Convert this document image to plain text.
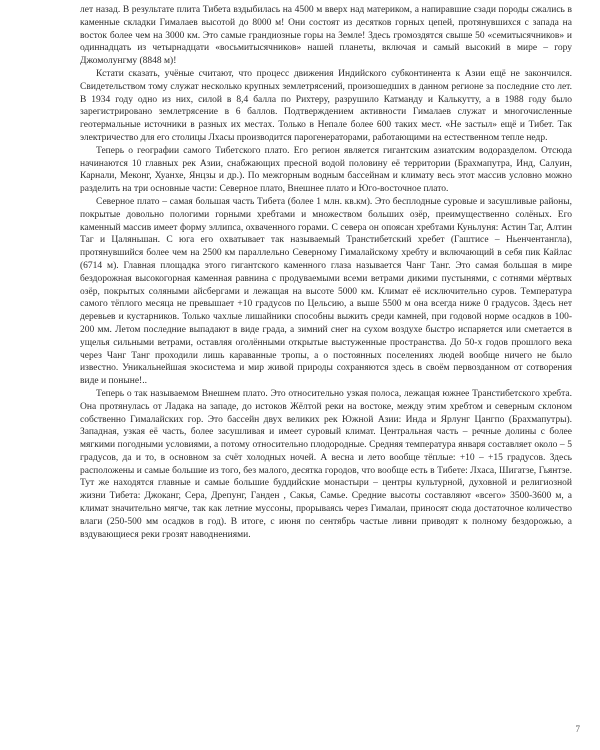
лет назад. В результате плита Тибета вздыбилась на 4500 м вверх над материком, а напиравшие сзади породы сжались в каменные складки Гималаев высотой до 8000 м! Они состоят из десятков горных цепей, протянувшихся с запада на восток более чем на 3000 км. Это самые грандиозные горы на Земле! Здесь громоздятся свыше 50 «семитысячников» и одиннадцать из четырнадцати «восьмитысячников» нашей планеты, включая и самый высокий в мире – гору Джомолунгму (8848 м)!

Кстати сказать, учёные считают, что процесс движения Индийского субконтинента к Азии ещё не закончился. Свидетельством тому служат несколько крупных землетрясений, произошедших в данном регионе за последние сто лет. В 1934 году одно из них, силой в 8,4 балла по Рихтеру, разрушило Катманду и Калькутту, а в 1988 году было зарегистрировано землетрясение в 6 баллов. Подтверждением активности Гималаев служат и многочисленные геотермальные источники в разных их местах. Только в Непале более 600 таких мест. «Не застыл» ещё и Тибет. Так электричество для его столицы Лхасы производится парогенераторами, работающими на естественном тепле недр.

Теперь о географии самого Тибетского плато. Его регион является гигантским азиатским водоразделом. Отсюда начинаются 10 главных рек Азии, снабжающих пресной водой половину её территории (Брахмапутра, Инд, Салуин, Карнали, Меконг, Хуанхе, Янцзы и др.). По межгорным водным бассейнам и климату весь этот массив условно можно разделить на три основные части: Северное плато, Внешнее плато и Юго-восточное плато.

Северное плато – самая большая часть Тибета (более 1 млн. кв.км). Это бесплодные суровые и засушливые районы, покрытые довольно пологими горными хребтами и множеством больших озёр, преимущественно солёных. Его каменный массив имеет форму эллипса, охваченного горами. С севера он опоясан хребтами Куньлуня: Астин Таг, Алтин Таг и Цаляньшан. С юга его охватывает так называемый Транстибетский хребет (Гаштисе – Ньенчентангла), протянувшийся более чем на 2500 км параллельно Северному Гималайскому хребту и включающий в себя пик Кайлас (6714 м). Главная площадка этого гигантского каменного глаза называется Чанг Танг. Это самая большая в мире бездорожная высокогорная каменная равнина с продуваемыми всеми ветрами дикими пустынями, с сотнями мёртвых озёр, покрытых соляными айсбергами и лежащая на высоте 5000 км. Климат её исключительно суров. Температура самого тёплого месяца не превышает +10 градусов по Цельсию, а выше 5500 м она всегда ниже 0 градусов. Здесь нет деревьев и кустарников. Только чахлые лишайники способны выжить среди камней, при годовой норме осадков в 100-200 мм. Летом последние выпадают в виде града, а зимний снег на сухом воздухе быстро испаряется или сметается в ущелья сильными ветрами, оставляя оголёнными открытые выстуженные пространства. До 50-х годов прошлого века через Чанг Танг проходили лишь караванные тропы, а о постоянных поселениях людей вообще ничего не было известно. Уникальнейшая экосистема и мир живой природы сохраняются здесь в своём первозданном от сотворения виде и поныне!..

Теперь о так называемом Внешнем плато. Это относительно узкая полоса, лежащая южнее Транстибетского хребта. Она протянулась от Ладака на западе, до истоков Жёлтой реки на востоке, между этим хребтом и северным склоном собственно Гималайских гор. Это бассейн двух великих рек Южной Азии: Инда и Ярлунг Цангпо (Брахмапутры). Западная, узкая её часть, более засушливая и имеет суровый климат. Центральная часть – речные долины с более мягкими погодными условиями, а потому относительно плодородные. Средняя температура января составляет около – 5 градусов, да и то, в основном за счёт холодных ночей. А весна и лето вообще тёплые: +10 – +15 градусов. Здесь расположены и самые большие из того, без малого, десятка городов, что вообще есть в Тибете: Лхаса, Шигатзе, Гьянтзе. Тут же находятся главные и самые большие буддийские монастыри – центры культурной, духовной и религиозной жизни Тибета: Джоканг, Сера, Дрепунг, Ганден , Сакья, Самье. Средние высоты составляют «всего» 3500-3600 м, а климат значительно мягче, так как летние муссоны, прорываясь через Гималаи, приносят сюда достаточное количество влаги (250-500 мм осадков в год). В итоге, с июня по сентябрь частые ливни приводят к полному бездорожью, а вздувающиеся реки грозят наводнениями.

7
